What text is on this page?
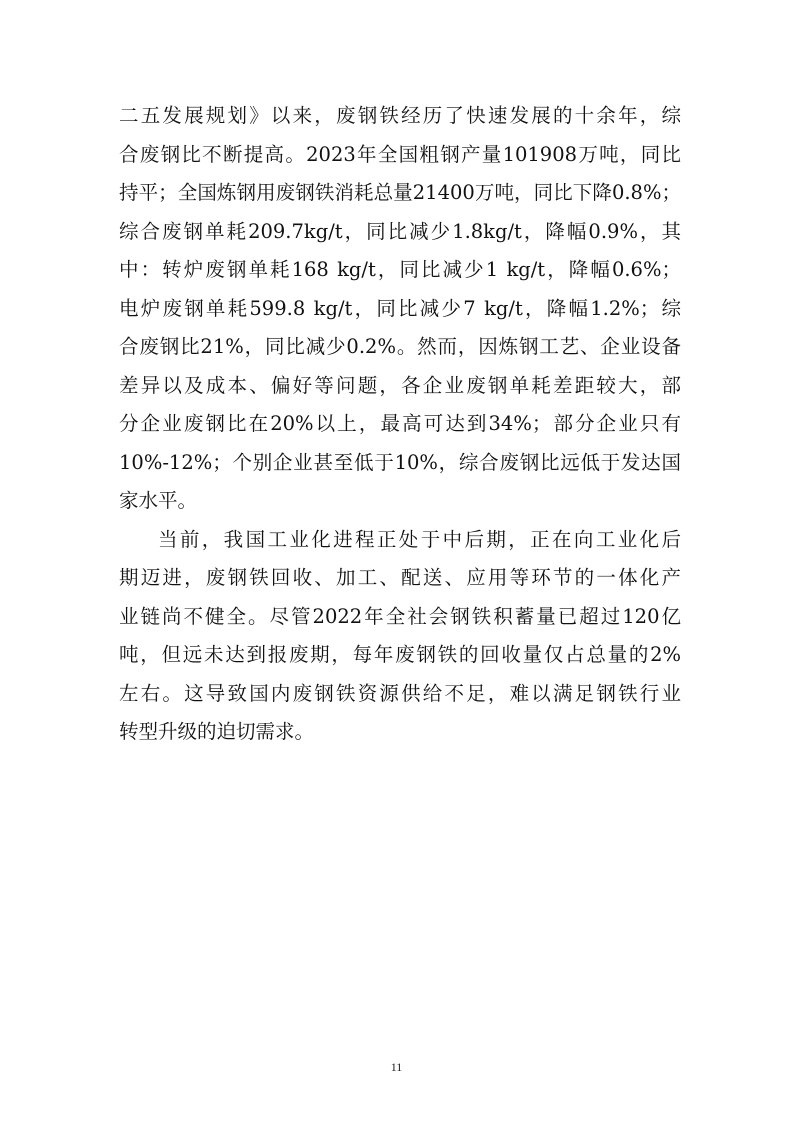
二五发展规划》以来，废钢铁经历了快速发展的十余年，综
合废钢比不断提高。2023年全国粗钢产量101908万吨，同比
持平；全国炼钢用废钢铁消耗总量21400万吨，同比下降0.8%；
综合废钢单耗209.7kg/t，同比减少1.8kg/t，降幅0.9%，其
中：转炉废钢单耗168 kg/t，同比减少1 kg/t，降幅0.6%；
电炉废钢单耗599.8 kg/t，同比减少7 kg/t，降幅1.2%；综
合废钢比21%，同比减少0.2%。然而，因炼钢工艺、企业设备
差异以及成本、偏好等问题，各企业废钢单耗差距较大，部
分企业废钢比在20%以上，最高可达到34%；部分企业只有
10%-12%；个别企业甚至低于10%，综合废钢比远低于发达国
家水平。
当前，我国工业化进程正处于中后期，正在向工业化后
期迈进，废钢铁回收、加工、配送、应用等环节的一体化产
业链尚不健全。尽管2022年全社会钢铁积蓄量已超过120亿
吨，但远未达到报废期，每年废钢铁的回收量仅占总量的2%
左右。这导致国内废钢铁资源供给不足，难以满足钢铁行业
转型升级的迫切需求。
11
